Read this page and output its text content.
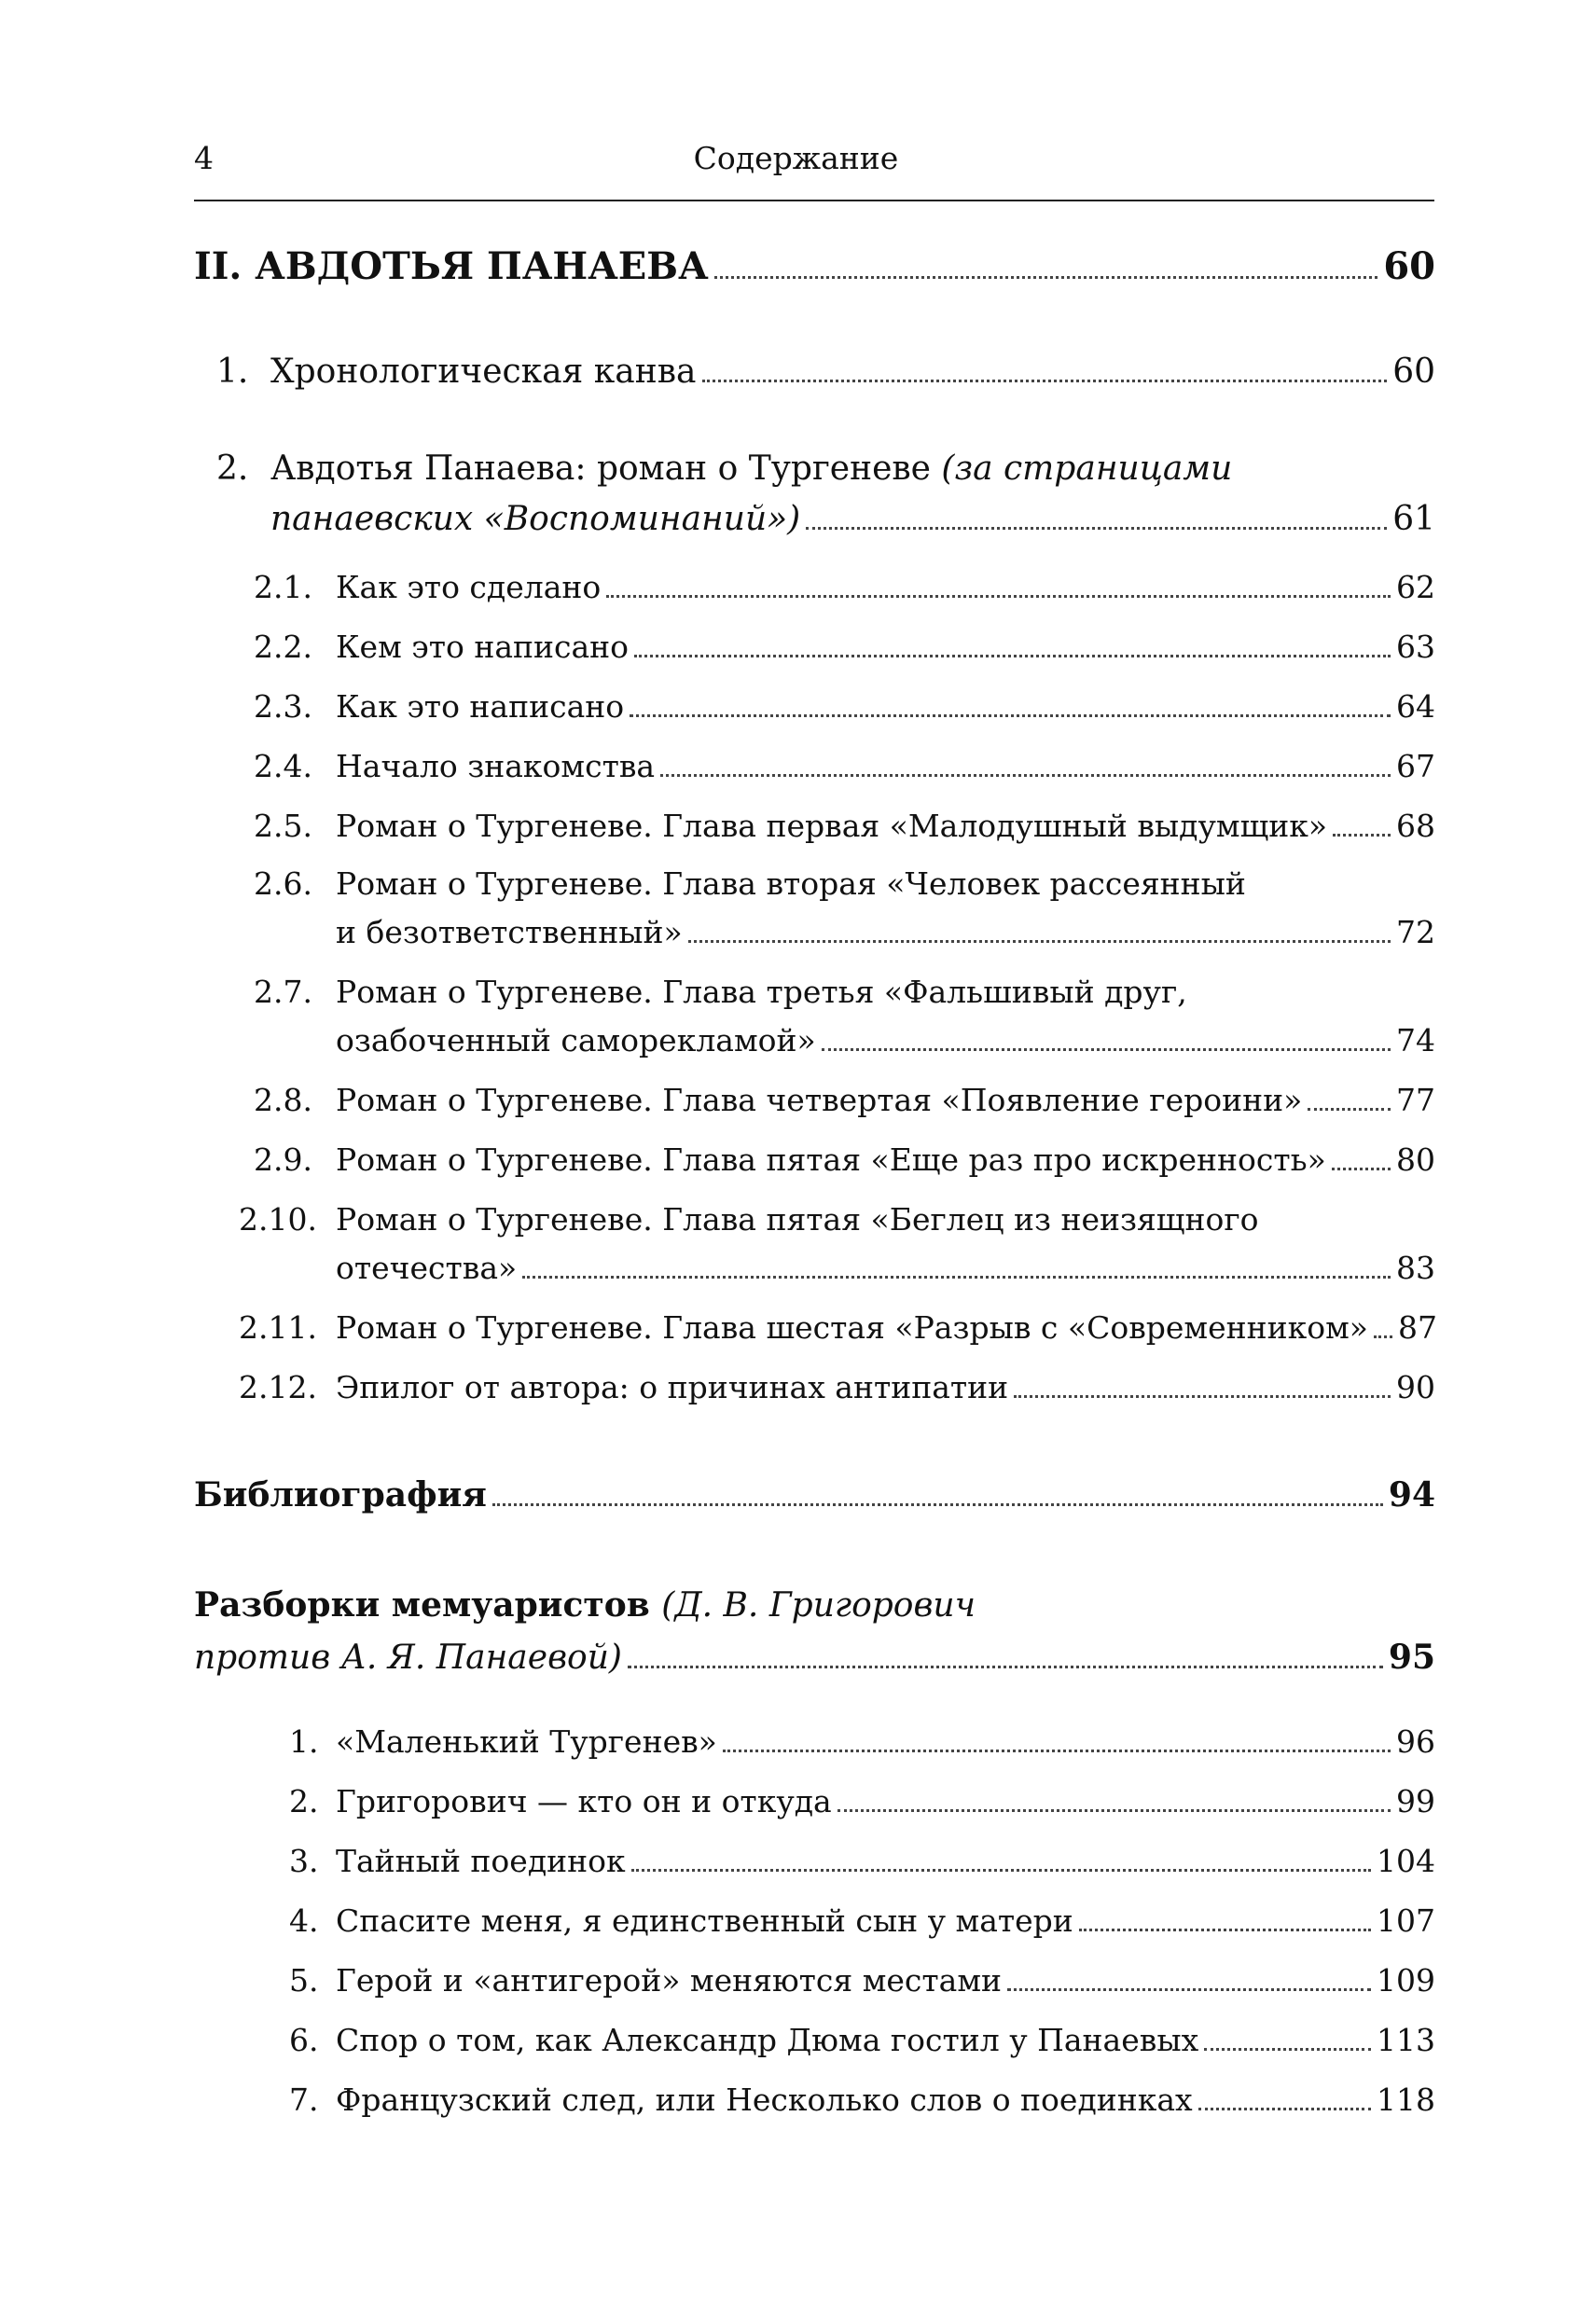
4	Содержание
II. АВДОТЬЯ ПАНАЕВА	60
1. Хронологическая канва	60
2. Авдотья Панаева: роман о Тургеневе (за страницами
панаевских «Воспоминаний»)	61
2.1. Как это сделано	62
2.2. Кем это написано	63
2.3. Как это написано	64
2.4. Начало знакомства	67
2.5. Роман о Тургеневе. Глава первая «Малодушный выдумщик» 68
2.6. Роман о Тургеневе. Глава вторая «Человек рассеянный
и безответственный»	72
2.7. Роман о Тургеневе. Глава третья «Фальшивый друг,
озабоченный саморекламой»	74
2.8. Роман о Тургеневе. Глава четвертая «Появление героини»	77
2.9. Роман о Тургеневе. Глава пятая «Еще раз про искренность» 80
2.10. Роман о Тургеневе. Глава пятая «Беглец из неизящного
отечества»	83
2.11. Роман о Тургеневе. Глава шестая «Разрыв с «Современником» 87
2.12. Эпилог от автора: о причинах антипатии	90
Библиография	94
Разборки мемуаристов (Д. В. Григорович
против А. Я. Панаевой)	95
1. «Маленький Тургенев»	96
2. Григорович — кто он и откуда	99
3. Тайный поединок	104
4. Спасите меня, я единственный сын у матери	107
5. Герой и «антигерой» меняются местами	109
6. Спор о том, как Александр Дюма гостил у Панаевых	113
7. Французский след, или Несколько слов о поединках	118
